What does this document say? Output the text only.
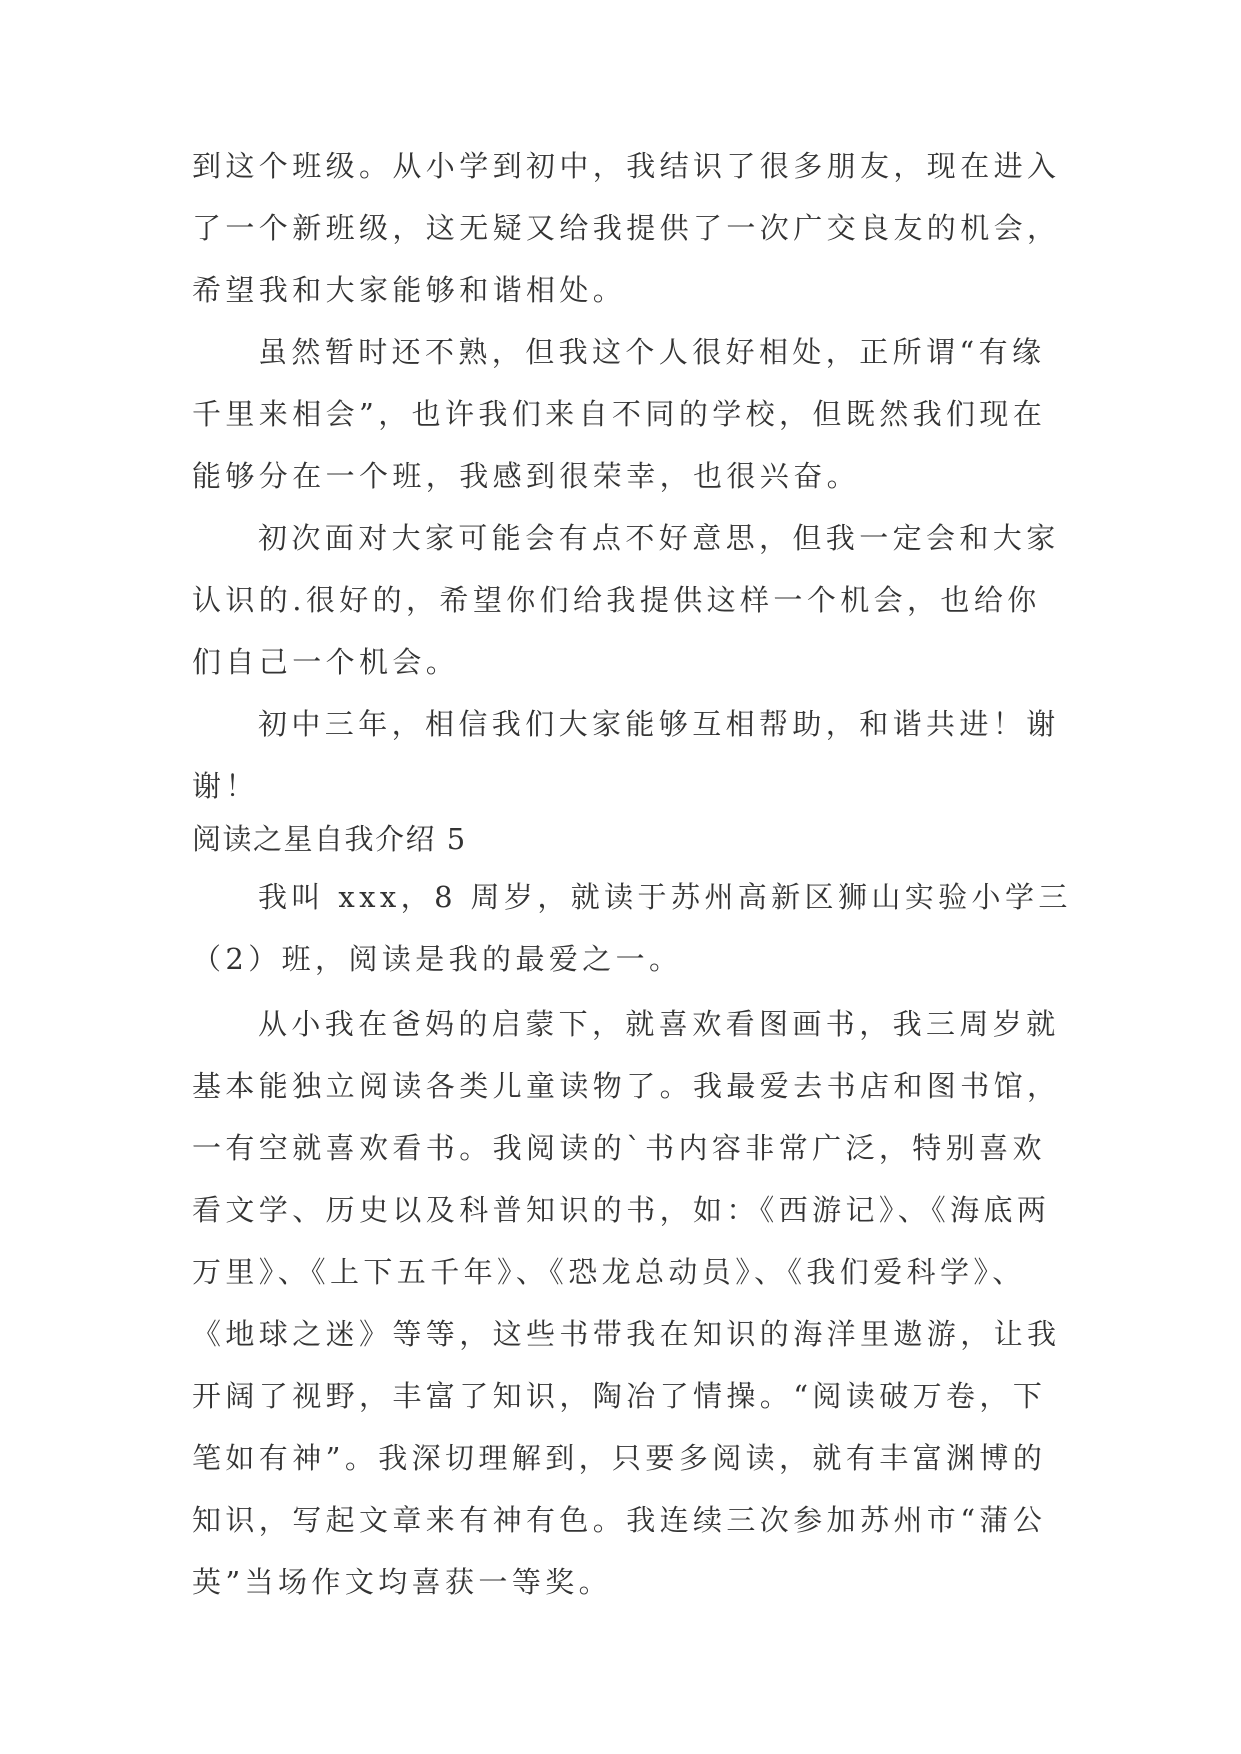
到这个班级。从小学到初中，我结识了很多朋友，现在进入
了一个新班级，这无疑又给我提供了一次广交良友的机会，
希望我和大家能够和谐相处。
虽然暂时还不熟，但我这个人很好相处，正所谓“有缘
千里来相会”，也许我们来自不同的学校，但既然我们现在
能够分在一个班，我感到很荣幸，也很兴奋。
初次面对大家可能会有点不好意思，但我一定会和大家
认识的.很好的，希望你们给我提供这样一个机会，也给你
们自己一个机会。
初中三年，相信我们大家能够互相帮助，和谐共进！谢
谢！
阅读之星自我介绍 5
我叫 xxx，8 周岁，就读于苏州高新区狮山实验小学三
（2）班，阅读是我的最爱之一。
从小我在爸妈的启蒙下，就喜欢看图画书，我三周岁就
基本能独立阅读各类儿童读物了。我最爱去书店和图书馆，
一有空就喜欢看书。我阅读的`书内容非常广泛，特别喜欢
看文学、历史以及科普知识的书，如：《西游记》、《海底两
万里》、《上下五千年》、《恐龙总动员》、《我们爱科学》、
《地球之迷》等等，这些书带我在知识的海洋里遨游，让我
开阔了视野，丰富了知识，陶冶了情操。“阅读破万卷，下
笔如有神”。我深切理解到，只要多阅读，就有丰富渊博的
知识，写起文章来有神有色。我连续三次参加苏州市“蒲公
英”当场作文均喜获一等奖。
